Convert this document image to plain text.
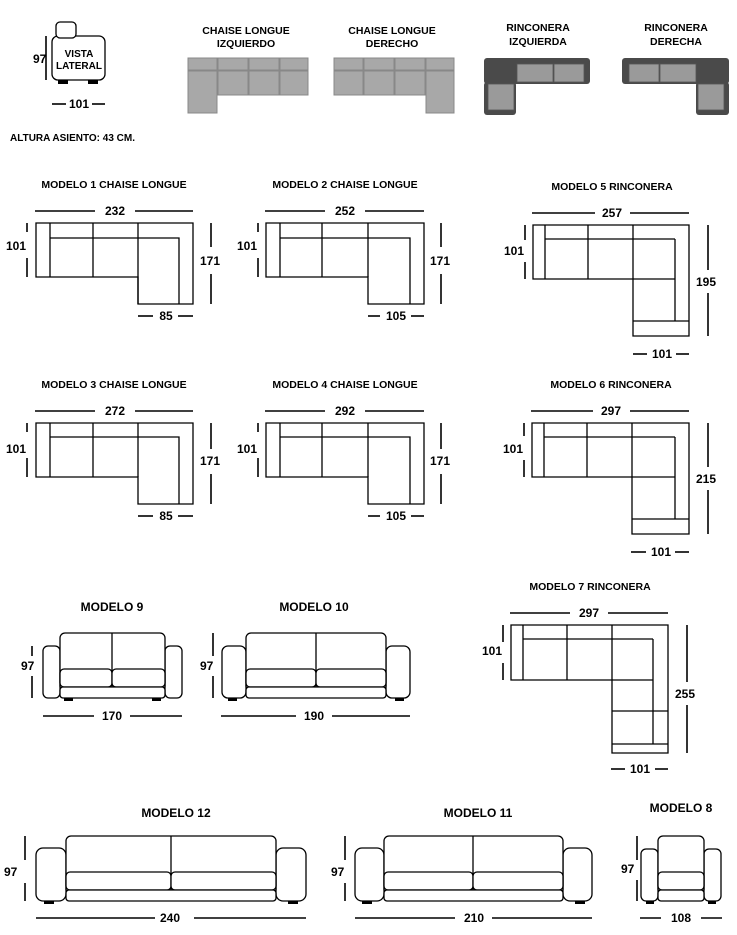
VISTA
LATERAL
97
101
CHAISE LONGUE
IZQUIERDO
CHAISE LONGUE
DERECHO
RINCONERA
IZQUIERDA
RINCONERA
DERECHA
ALTURA ASIENTO: 43 CM.
MODELO 1 CHAISE LONGUE
232
101
171
85
MODELO 2 CHAISE LONGUE
252
101
171
105
MODELO 5 RINCONERA
257
101
195
101
MODELO 3 CHAISE LONGUE
272
101
171
85
MODELO 4 CHAISE LONGUE
292
101
171
105
MODELO 6 RINCONERA
297
101
215
101
MODELO 9
97
170
MODELO 10
97
190
MODELO 7 RINCONERA
297
101
255
101
MODELO 12
97
240
MODELO 11
97
210
MODELO 8
97
108
